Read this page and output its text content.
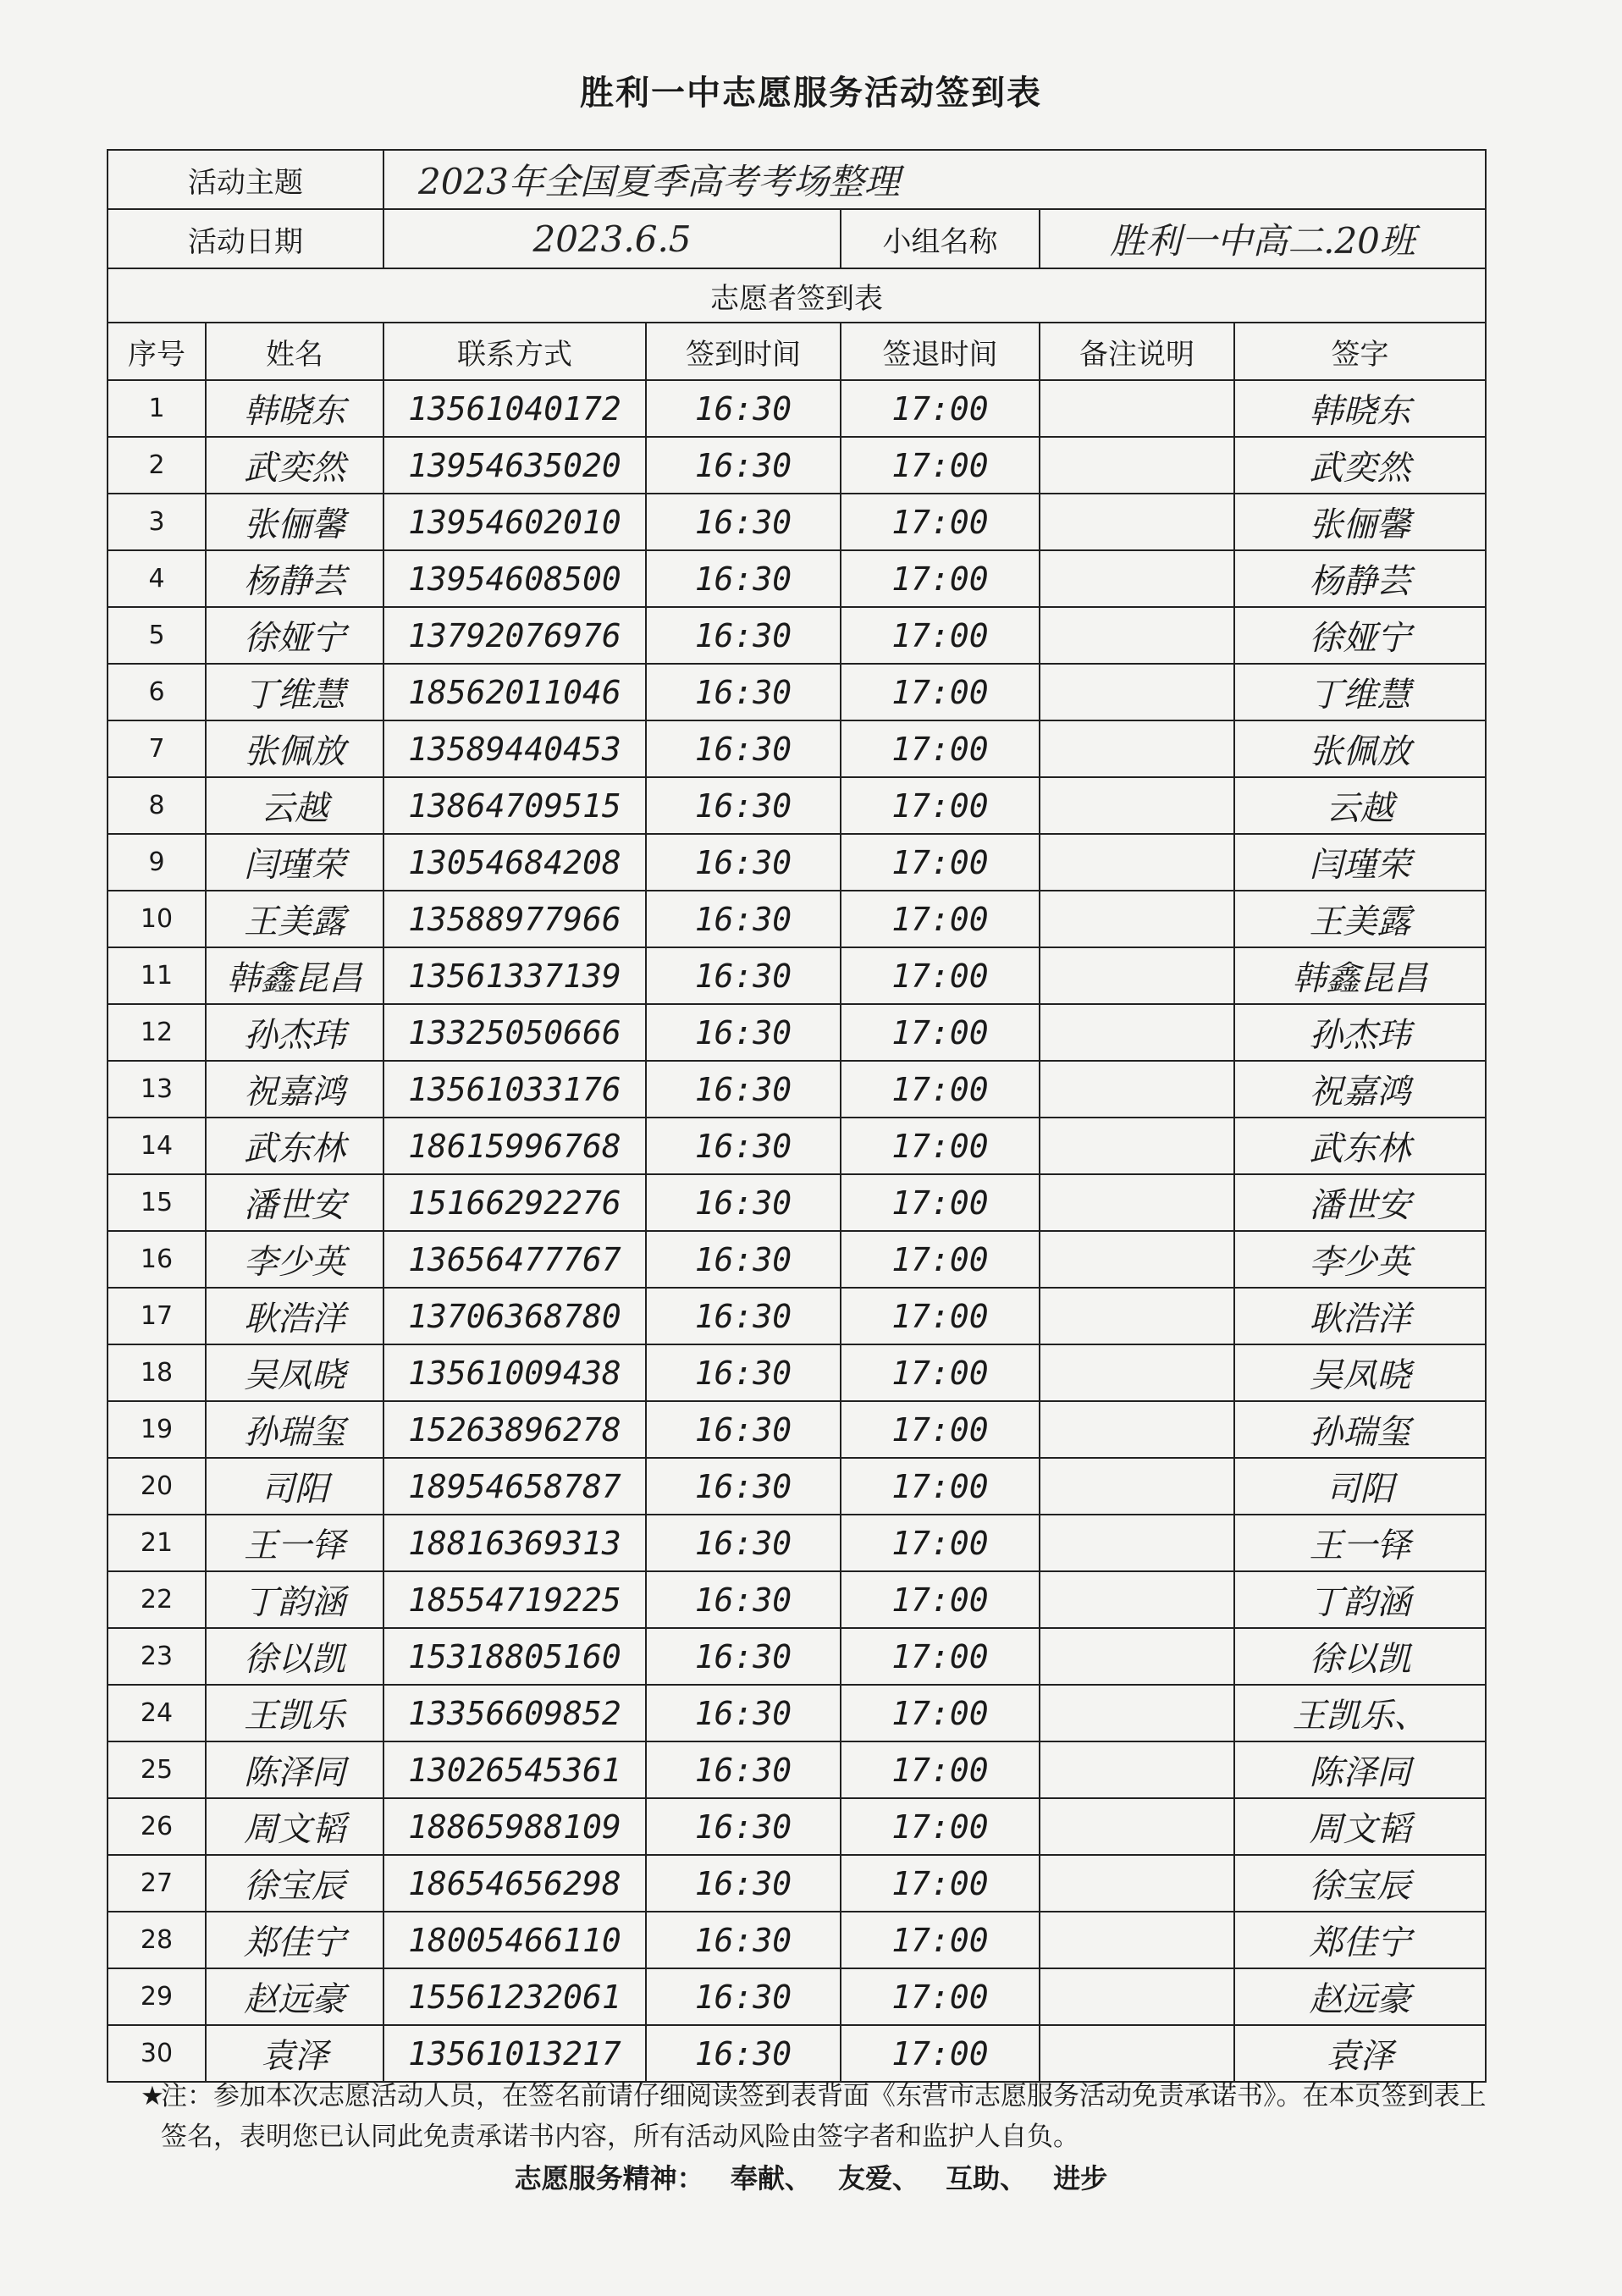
胜利一中志愿服务活动签到表
活动主题		2023年全国夏季高考考场整理				
活动日期		2023.6.5		小组名称	胜利一中高二.20班	
志愿者签到表						
序号	姓名	联系方式	签到时间	签退时间	备注说明	签字
1	韩晓东	13561040172	16:30	17:00		韩晓东
2	武奕然	13954635020	16:30	17:00		武奕然
3	张俪馨	13954602010	16:30	17:00		张俪馨
4	杨静芸	13954608500	16:30	17:00		杨静芸
5	徐娅宁	13792076976	16:30	17:00		徐娅宁
6	丁维慧	18562011046	16:30	17:00		丁维慧
7	张佩放	13589440453	16:30	17:00		张佩放
8	云越	13864709515	16:30	17:00		云越
9	闫瑾荣	13054684208	16:30	17:00		闫瑾荣
10	王美露	13588977966	16:30	17:00		王美露
11	韩鑫昆昌	13561337139	16:30	17:00		韩鑫昆昌
12	孙杰玮	13325050666	16:30	17:00		孙杰玮
13	祝嘉鸿	13561033176	16:30	17:00		祝嘉鸿
14	武东林	18615996768	16:30	17:00		武东林
15	潘世安	15166292276	16:30	17:00		潘世安
16	李少英	13656477767	16:30	17:00		李少英
17	耿浩洋	13706368780	16:30	17:00		耿浩洋
18	吴凤晓	13561009438	16:30	17:00		吴凤晓
19	孙瑞玺	15263896278	16:30	17:00		孙瑞玺
20	司阳	18954658787	16:30	17:00		司阳
21	王一铎	18816369313	16:30	17:00		王一铎
22	丁韵涵	18554719225	16:30	17:00		丁韵涵
23	徐以凯	15318805160	16:30	17:00		徐以凯
24	王凯乐	13356609852	16:30	17:00		王凯乐、
25	陈泽同	13026545361	16:30	17:00		陈泽同
26	周文韬	18865988109	16:30	17:00		周文韬
27	徐宝辰	18654656298	16:30	17:00		徐宝辰
28	郑佳宁	18005466110	16:30	17:00		郑佳宁
29	赵远豪	15561232061	16:30	17:00		赵远豪
30	袁泽	13561013217	16:30	17:00		袁泽
★
注：参加本次志愿活动人员，在签名前请仔细阅读签到表背面《东营市志愿服务活动免责承诺书》。在本页签到表上签名，表明您已认同此免责承诺书内容，所有活动风险由签字者和监护人自负。
志愿服务精神： 奉献、 友爱、 互助、 进步
